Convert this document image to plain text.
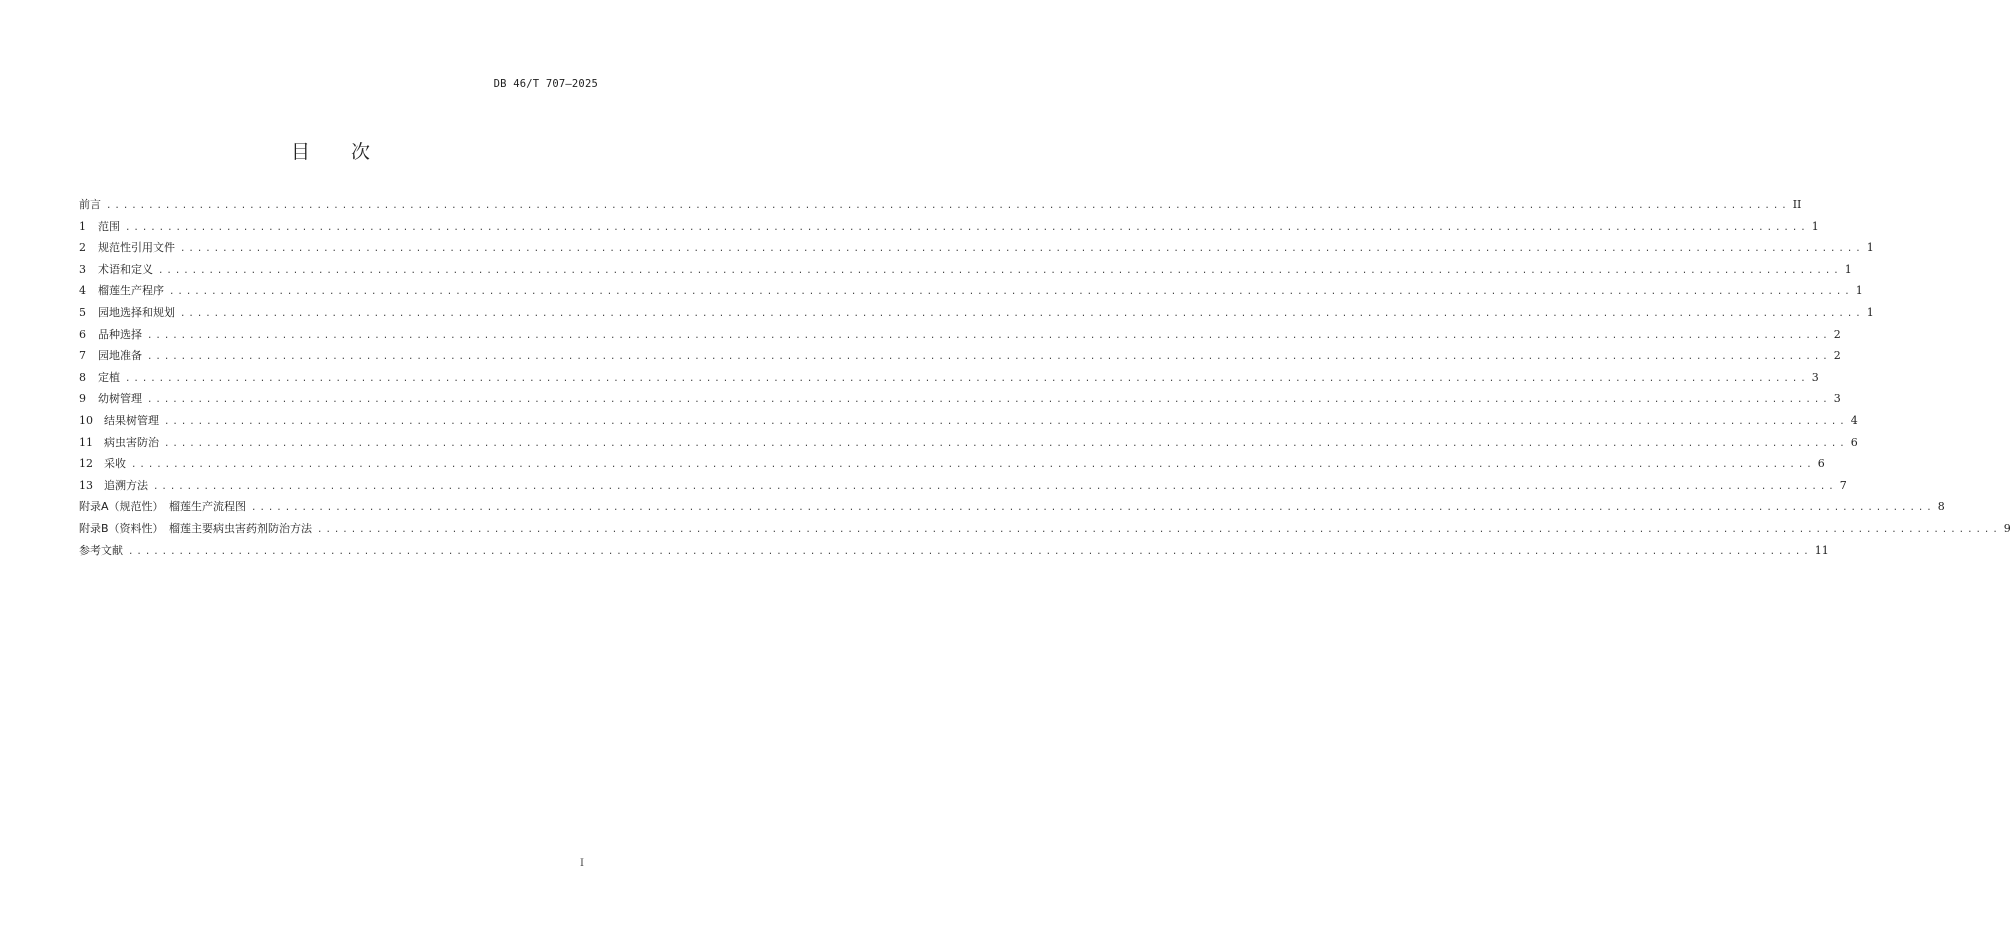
DB 46/T 707—2025
目　　次
前言 ........................................................................................................................................................................................................ II
1 范围 ........................................................................................................................................................................................................ 1
2 规范性引用文件 ........................................................................................................................................................................................................ 1
3 术语和定义 ........................................................................................................................................................................................................ 1
4 榴莲生产程序 ........................................................................................................................................................................................................ 1
5 园地选择和规划 ........................................................................................................................................................................................................ 1
6 品种选择 ........................................................................................................................................................................................................ 2
7 园地准备 ........................................................................................................................................................................................................ 2
8 定植 ........................................................................................................................................................................................................ 3
9 幼树管理 ........................................................................................................................................................................................................ 3
10 结果树管理 ........................................................................................................................................................................................................ 4
11 病虫害防治 ........................................................................................................................................................................................................ 6
12 采收 ........................................................................................................................................................................................................ 6
13 追溯方法 ........................................................................................................................................................................................................ 7
附录A（规范性）　榴莲生产流程图 ........................................................................................................................................................................................................ 8
附录B（资料性）　榴莲主要病虫害药剂防治方法 ........................................................................................................................................................................................................ 9
参考文献 ........................................................................................................................................................................................................ 11
I
